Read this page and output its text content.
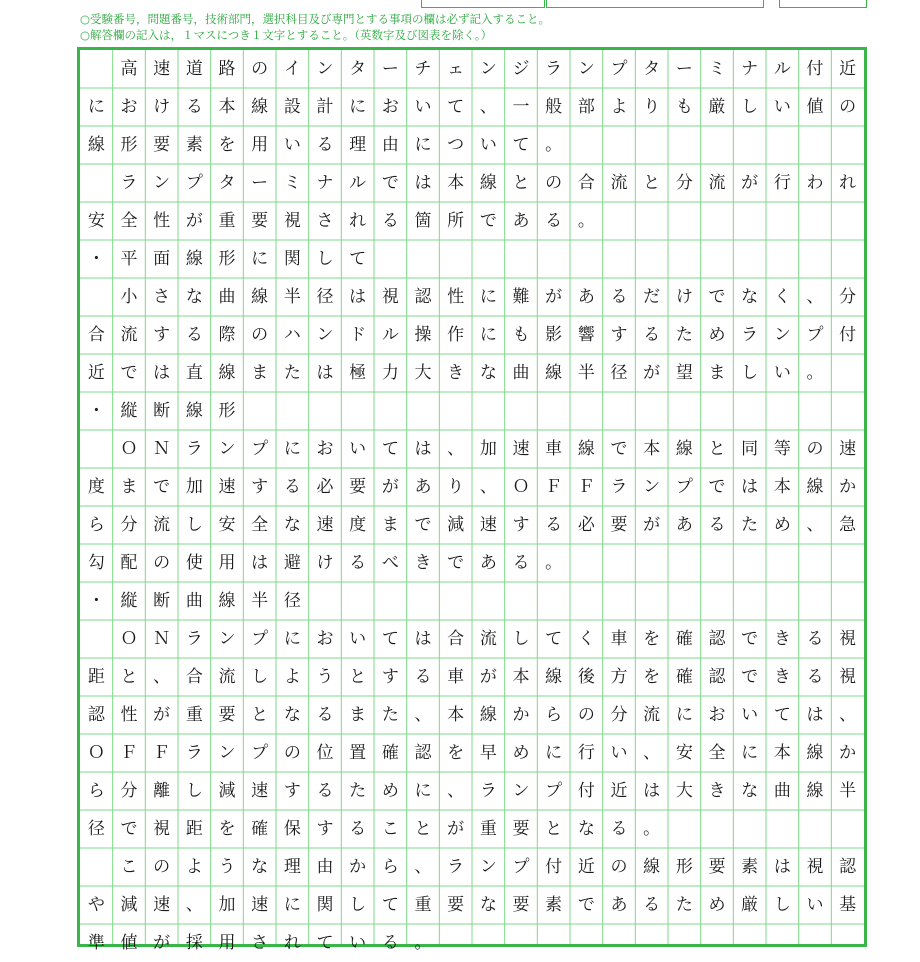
○受験番号，問題番号，技術部門，選択科目及び専門とする事項の欄は必ず記入すること。
○解答欄の記入は，１マスにつき１文字とすること。（英数字及び図表を除く。）
高 速 道 路 の イ ン タ ー チ ェ ン ジ ラ ン プ タ ー ミ ナ ル 付 近
に お け る 本 線 設 計 に お い て 、 一 般 部 よ り も 厳 し い 値 の
線 形 要 素 を 用 い る 理 由 に つ い て 。
ラ ン プ タ ー ミ ナ ル で は 本 線 と の 合 流 と 分 流 が 行 わ れ
安 全 性 が 重 要 視 さ れ る 箇 所 で あ る 。
・ 平 面 線 形 に 関 し て
小 さ な 曲 線 半 径 は 視 認 性 に 難 が あ る だ け で な く 、 分
合 流 す る 際 の ハ ン ド ル 操 作 に も 影 響 す る た め ラ ン プ 付
近 で は 直 線 ま た は 極 力 大 き な 曲 線 半 径 が 望 ま し い 。
・ 縦 断 線 形
Ｏ Ｎ ラ ン プ に お い て は 、 加 速 車 線 で 本 線 と 同 等 の 速
度 ま で 加 速 す る 必 要 が あ り 、 Ｏ Ｆ Ｆ ラ ン プ で は 本 線 か
ら 分 流 し 安 全 な 速 度 ま で 減 速 す る 必 要 が あ る た め 、 急
勾 配 の 使 用 は 避 け る べ き で あ る 。
・ 縦 断 曲 線 半 径
Ｏ Ｎ ラ ン プ に お い て は 合 流 し て く 車 を 確 認 で き る 視
距 と 、 合 流 し よ う と す る 車 が 本 線 後 方 を 確 認 で き る 視
認 性 が 重 要 と な る ま た 、 本 線 か ら の 分 流 に お い て は 、
Ｏ Ｆ Ｆ ラ ン プ の 位 置 確 認 を 早 め に 行 い 、 安 全 に 本 線 か
ら 分 離 し 減 速 す る た め に 、 ラ ン プ 付 近 は 大 き な 曲 線 半
径 で 視 距 を 確 保 す る こ と が 重 要 と な る 。
こ の よ う な 理 由 か ら 、 ラ ン プ 付 近 の 線 形 要 素 は 視 認
や 減 速 、 加 速 に 関 し て 重 要 な 要 素 で あ る た め 厳 し い 基
準 値 が 採 用 さ れ て い る 。
